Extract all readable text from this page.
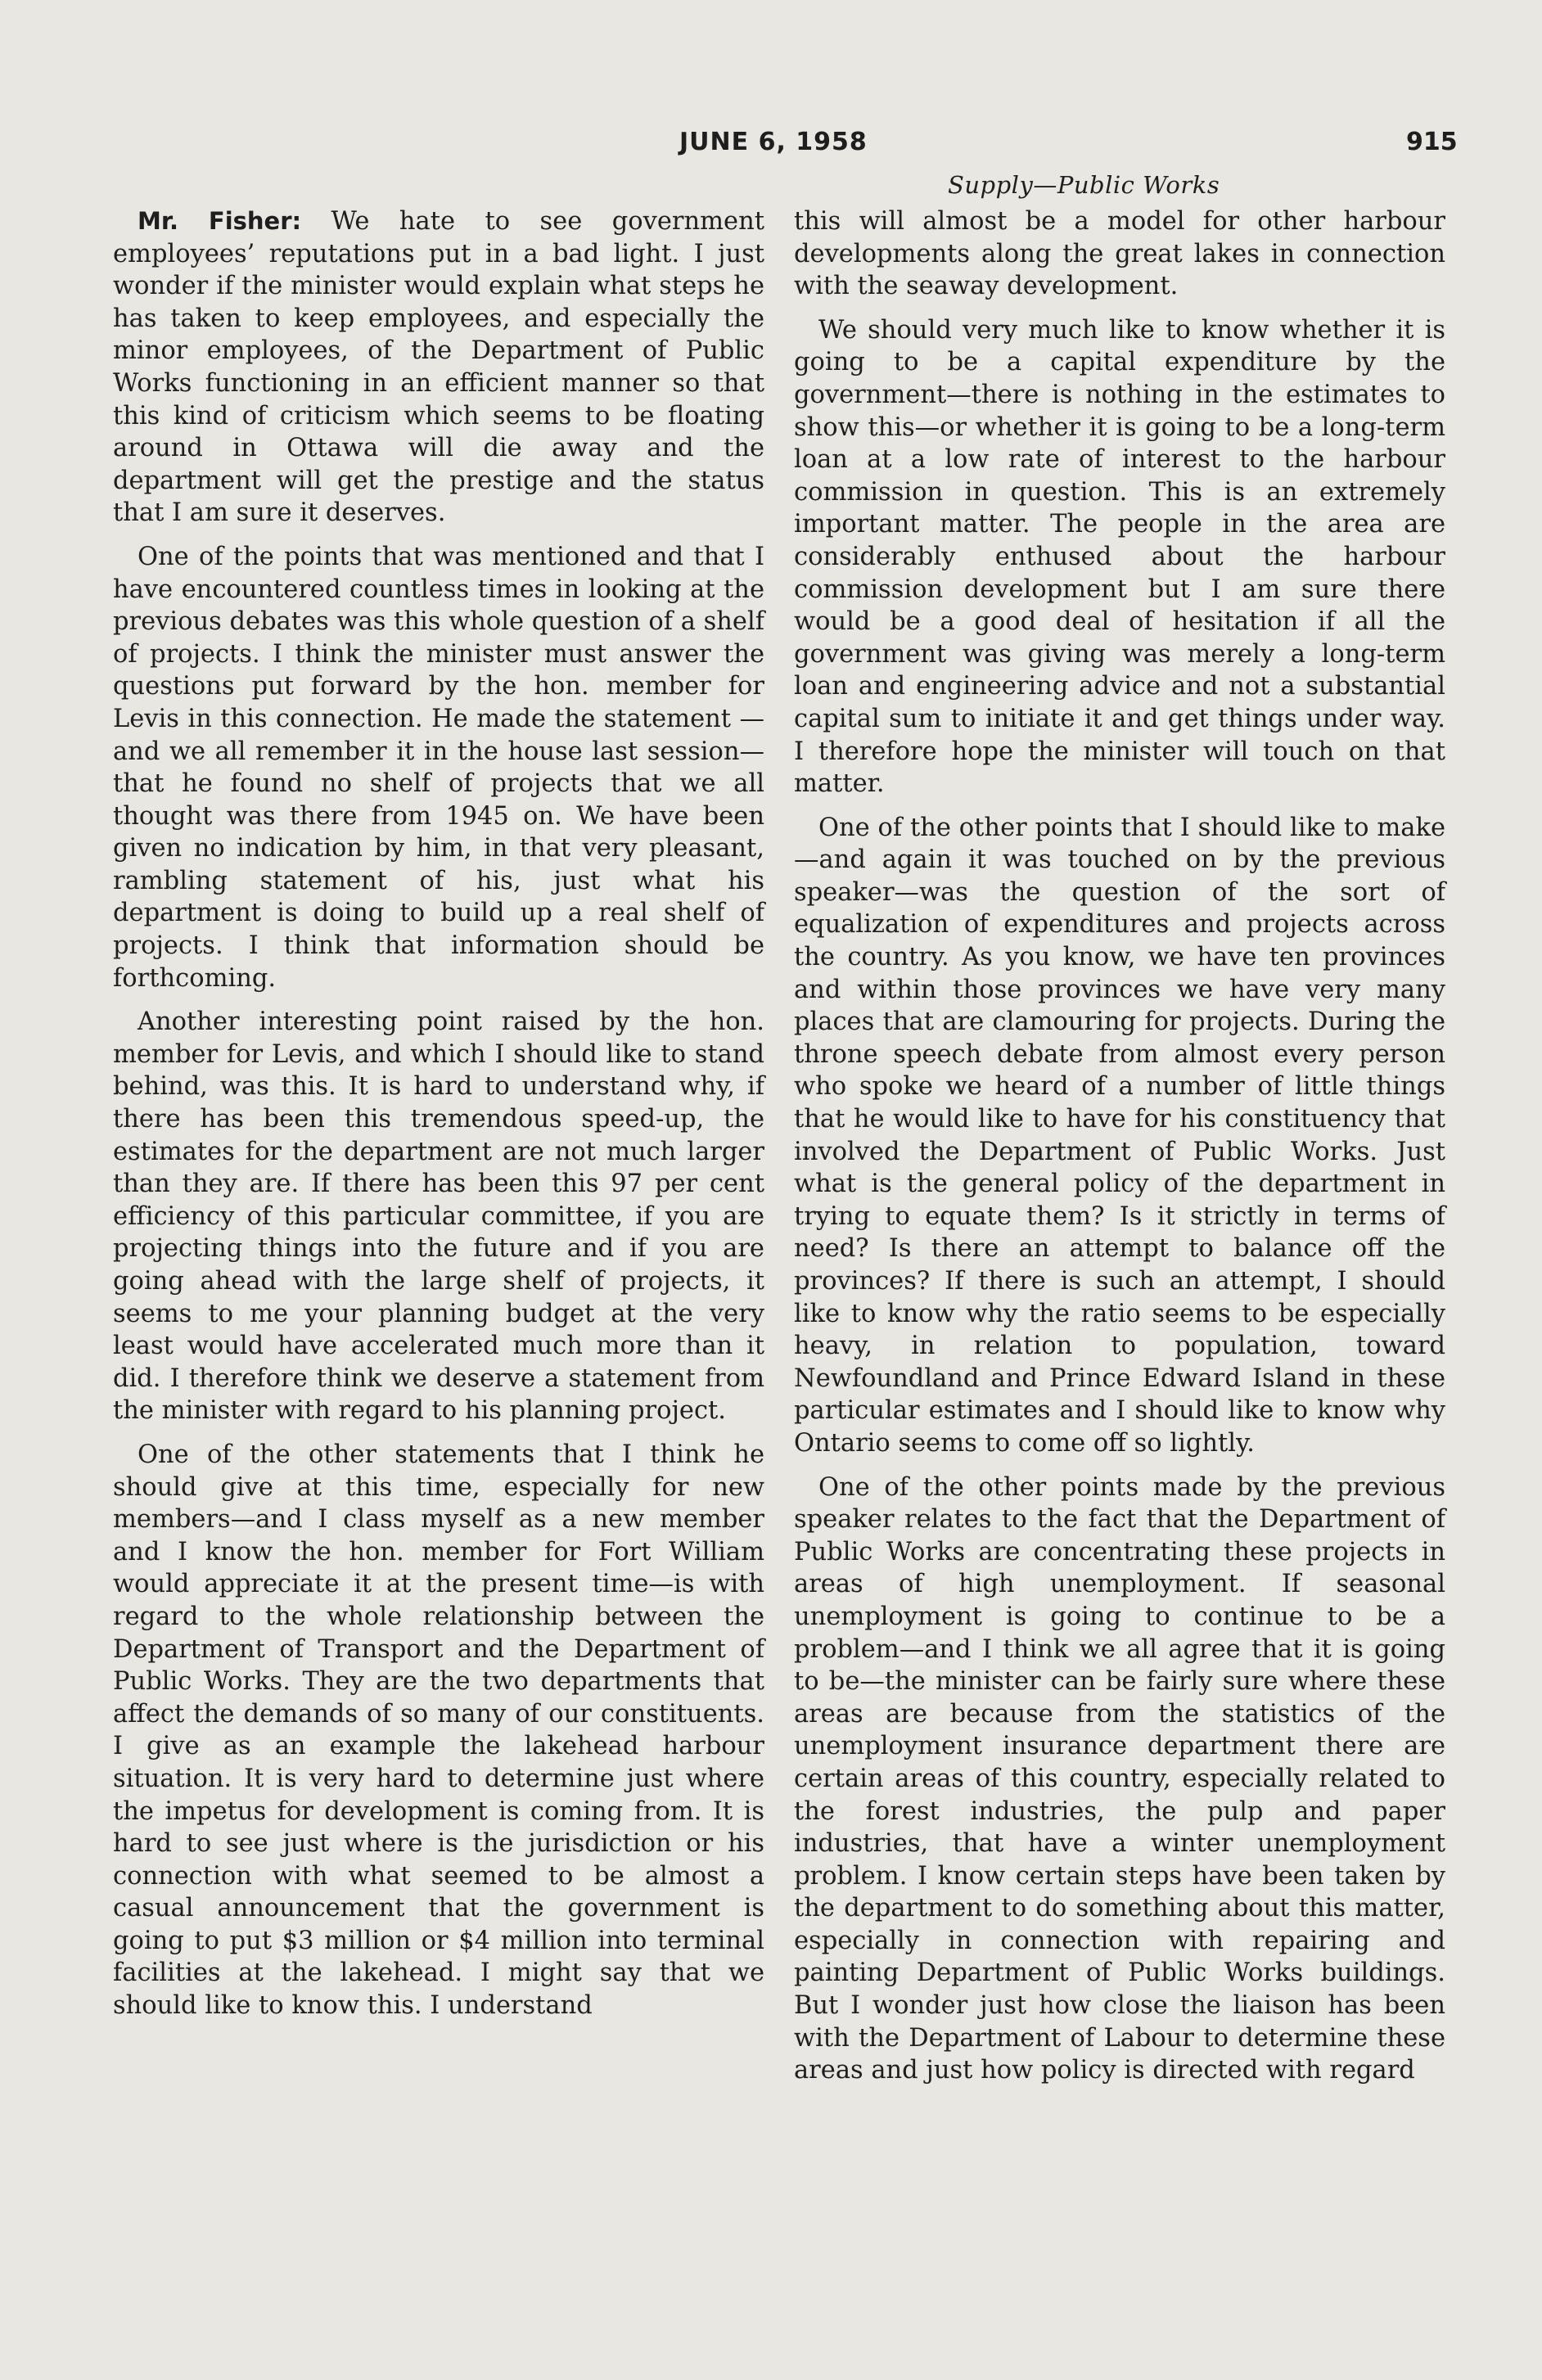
JUNE 6, 1958	915
Supply—Public Works

Mr. Fisher: We hate to see government employees’ reputations put in a bad light. I just wonder if the minister would explain what steps he has taken to keep employees, and especially the minor employees, of the Department of Public Works functioning in an efficient manner so that this kind of criticism which seems to be floating around in Ottawa will die away and the department will get the prestige and the status that I am sure it deserves.

One of the points that was mentioned and that I have encountered countless times in looking at the previous debates was this whole question of a shelf of projects. I think the minister must answer the questions put forward by the hon. member for Levis in this connection. He made the statement —and we all remember it in the house last session— that he found no shelf of projects that we all thought was there from 1945 on. We have been given no indication by him, in that very pleasant, rambling statement of his, just what his department is doing to build up a real shelf of projects. I think that information should be forthcoming.

Another interesting point raised by the hon. member for Levis, and which I should like to stand behind, was this. It is hard to understand why, if there has been this tremendous speed-up, the estimates for the department are not much larger than they are. If there has been this 97 per cent efficiency of this particular committee, if you are projecting things into the future and if you are going ahead with the large shelf of projects, it seems to me your planning budget at the very least would have accelerated much more than it did. I therefore think we deserve a statement from the minister with regard to his planning project.

One of the other statements that I think he should give at this time, especially for new members—and I class myself as a new member and I know the hon. member for Fort William would appreciate it at the present time—is with regard to the whole relationship between the Department of Transport and the Department of Public Works. They are the two departments that affect the demands of so many of our constituents. I give as an example the lakehead harbour situation. It is very hard to determine just where the impetus for development is coming from. It is hard to see just where is the jurisdiction or his connection with what seemed to be almost a casual announcement that the government is going to put $3 million or $4 million into terminal facilities at the lakehead. I might say that we should like to know this. I understand

this will almost be a model for other harbour developments along the great lakes in connection with the seaway development.

We should very much like to know whether it is going to be a capital expenditure by the government—there is nothing in the estimates to show this—or whether it is going to be a long-term loan at a low rate of interest to the harbour commission in question. This is an extremely important matter. The people in the area are considerably enthused about the harbour commission development but I am sure there would be a good deal of hesitation if all the government was giving was merely a long-term loan and engineering advice and not a substantial capital sum to initiate it and get things under way. I therefore hope the minister will touch on that matter.

One of the other points that I should like to make—and again it was touched on by the previous speaker—was the question of the sort of equalization of expenditures and projects across the country. As you know, we have ten provinces and within those provinces we have very many places that are clamouring for projects. During the throne speech debate from almost every person who spoke we heard of a number of little things that he would like to have for his constituency that involved the Department of Public Works. Just what is the general policy of the department in trying to equate them? Is it strictly in terms of need? Is there an attempt to balance off the provinces? If there is such an attempt, I should like to know why the ratio seems to be especially heavy, in relation to population, toward Newfoundland and Prince Edward Island in these particular estimates and I should like to know why Ontario seems to come off so lightly.

One of the other points made by the previous speaker relates to the fact that the Department of Public Works are concentrating these projects in areas of high unemployment. If seasonal unemployment is going to continue to be a problem—and I think we all agree that it is going to be—the minister can be fairly sure where these areas are because from the statistics of the unemployment insurance department there are certain areas of this country, especially related to the forest industries, the pulp and paper industries, that have a winter unemployment problem. I know certain steps have been taken by the department to do something about this matter, especially in connection with repairing and painting Department of Public Works buildings. But I wonder just how close the liaison has been with the Department of Labour to determine these areas and just how policy is directed with regard
